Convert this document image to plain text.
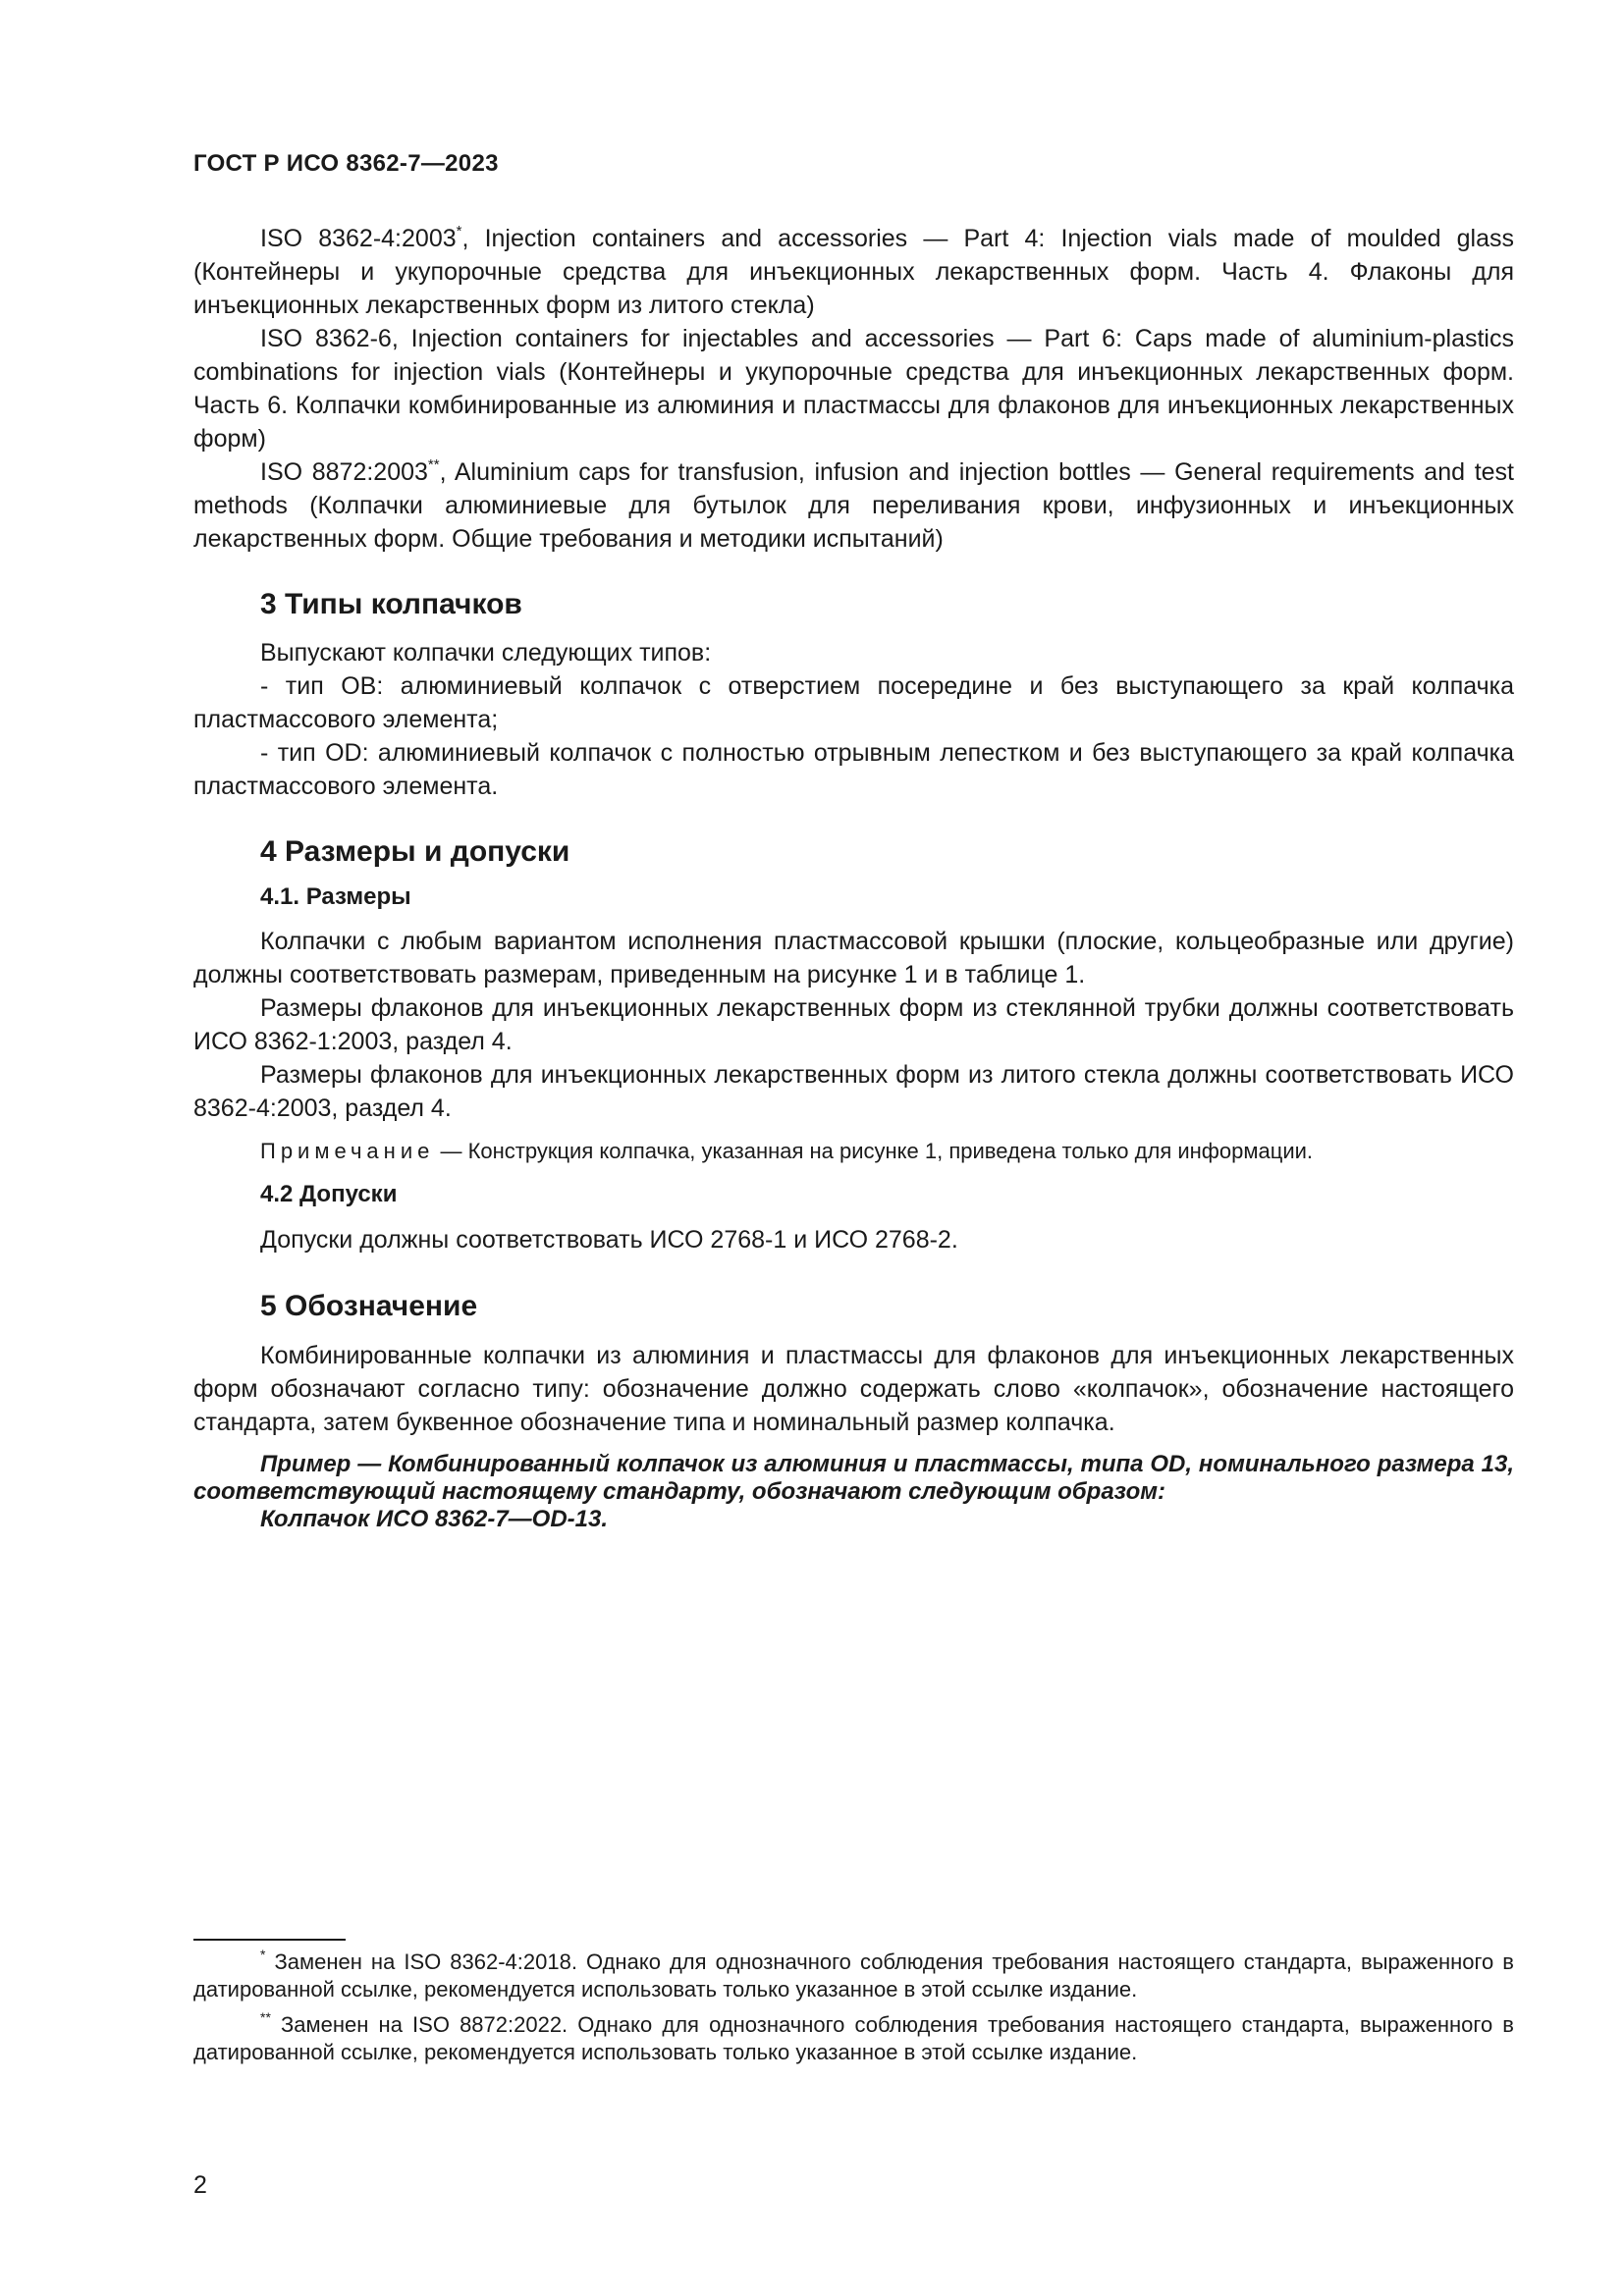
ГОСТ Р ИСО 8362-7—2023

ISO 8362-4:2003*, Injection containers and accessories — Part 4: Injection vials made of moulded glass (Контейнеры и укупорочные средства для инъекционных лекарственных форм. Часть 4. Флаконы для инъекционных лекарственных форм из литого стекла)

ISO 8362-6, Injection containers for injectables and accessories — Part 6: Caps made of aluminium-plastics combinations for injection vials (Контейнеры и укупорочные средства для инъекционных лекарственных форм. Часть 6. Колпачки комбинированные из алюминия и пластмассы для флаконов для инъекционных лекарственных форм)

ISO 8872:2003**, Aluminium caps for transfusion, infusion and injection bottles — General requirements and test methods (Колпачки алюминиевые для бутылок для переливания крови, инфузионных и инъекционных лекарственных форм. Общие требования и методики испытаний)

3 Типы колпачков

Выпускают колпачки следующих типов:

- тип OB: алюминиевый колпачок с отверстием посередине и без выступающего за край колпачка пластмассового элемента;

- тип OD: алюминиевый колпачок с полностью отрывным лепестком и без выступающего за край колпачка пластмассового элемента.

4 Размеры и допуски
4.1. Размеры

Колпачки с любым вариантом исполнения пластмассовой крышки (плоские, кольцеобразные или другие) должны соответствовать размерам, приведенным на рисунке 1 и в таблице 1.

Размеры флаконов для инъекционных лекарственных форм из стеклянной трубки должны соответствовать ИСО 8362-1:2003, раздел 4.

Размеры флаконов для инъекционных лекарственных форм из литого стекла должны соответствовать ИСО 8362-4:2003, раздел 4.

Примечание — Конструкция колпачка, указанная на рисунке 1, приведена только для информации.

4.2 Допуски

Допуски должны соответствовать ИСО 2768-1 и ИСО 2768-2.

5 Обозначение

Комбинированные колпачки из алюминия и пластмассы для флаконов для инъекционных лекарственных форм обозначают согласно типу: обозначение должно содержать слово «колпачок», обозначение настоящего стандарта, затем буквенное обозначение типа и номинальный размер колпачка.

Пример — Комбинированный колпачок из алюминия и пластмассы, типа OD, номинального размера 13, соответствующий настоящему стандарту, обозначают следующим образом:

Колпачок ИСО 8362-7—OD-13.

* Заменен на ISO 8362-4:2018. Однако для однозначного соблюдения требования настоящего стандарта, выраженного в датированной ссылке, рекомендуется использовать только указанное в этой ссылке издание.

** Заменен на ISO 8872:2022. Однако для однозначного соблюдения требования настоящего стандарта, выраженного в датированной ссылке, рекомендуется использовать только указанное в этой ссылке издание.

2
